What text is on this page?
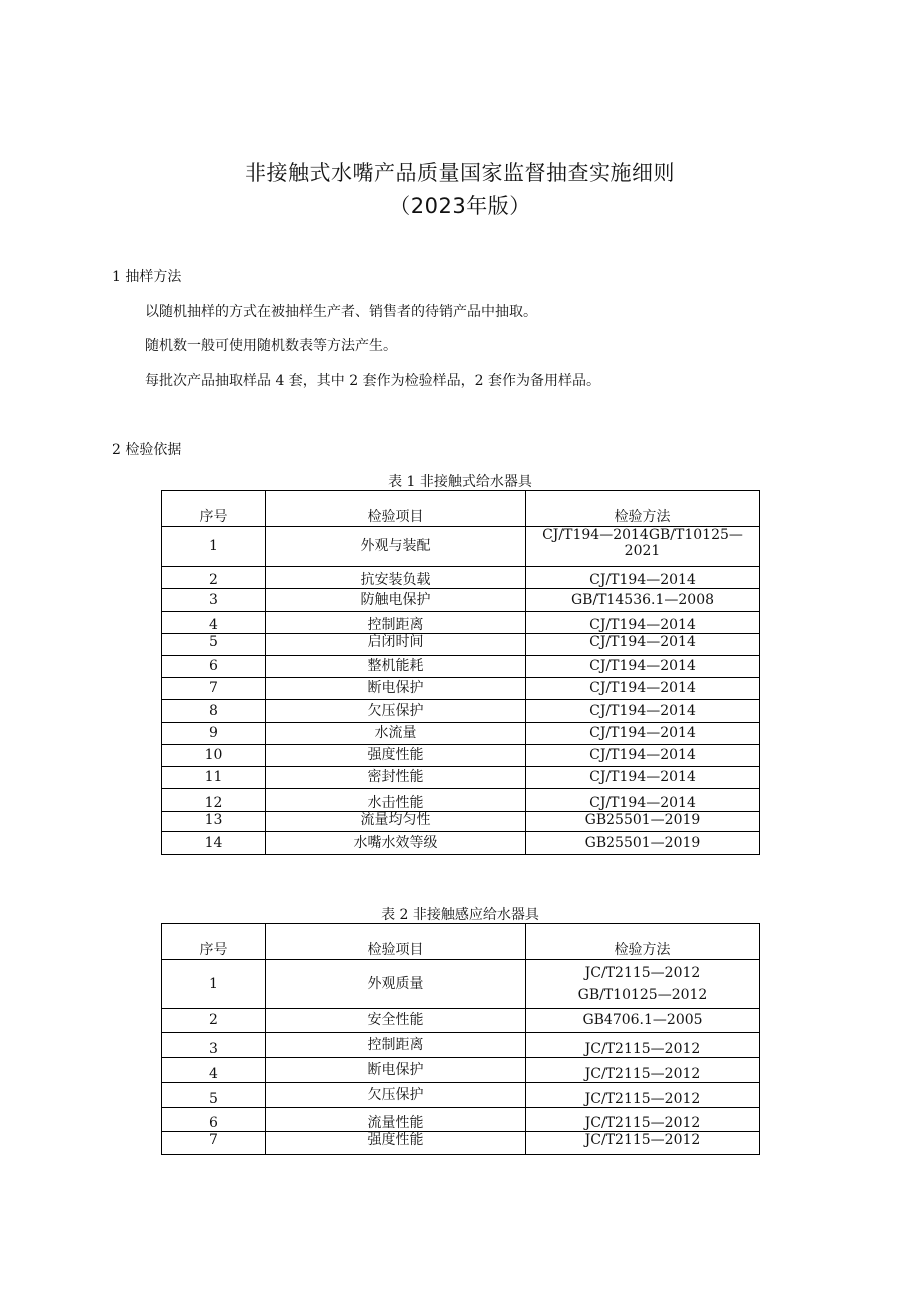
非接触式水嘴产品质量国家监督抽查实施细则
（2023年版）
1 抽样方法
以随机抽样的方式在被抽样生产者、销售者的待销产品中抽取。
随机数一般可使用随机数表等方法产生。
每批次产品抽取样品 4 套，其中 2 套作为检验样品，2 套作为备用样品。
2 检验依据
表 1 非接触式给水器具
序号	检验项目	检验方法
1	外观与装配	CJ/T194—2014GB/T10125—2021
2	抗安装负载	CJ/T194—2014
3	防触电保护	GB/T14536.1—2008
4	控制距离	CJ/T194—2014
5	启闭时间	CJ/T194—2014
6	整机能耗	CJ/T194—2014
7	断电保护	CJ/T194—2014
8	欠压保护	CJ/T194—2014
9	水流量	CJ/T194—2014
10	强度性能	CJ/T194—2014
11	密封性能	CJ/T194—2014
12	水击性能	CJ/T194—2014
13	流量均匀性	GB25501—2019
14	水嘴水效等级	GB25501—2019
表 2 非接触感应给水器具
序号	检验项目	检验方法
1	外观质量	JC/T2115—2012
GB/T10125—2012

2	安全性能	GB4706.1—2005
3	控制距离	JC/T2115—2012
4	断电保护	JC/T2115—2012
5	欠压保护	JC/T2115—2012
6	流量性能	JC/T2115—2012
7	强度性能	JC/T2115—2012
